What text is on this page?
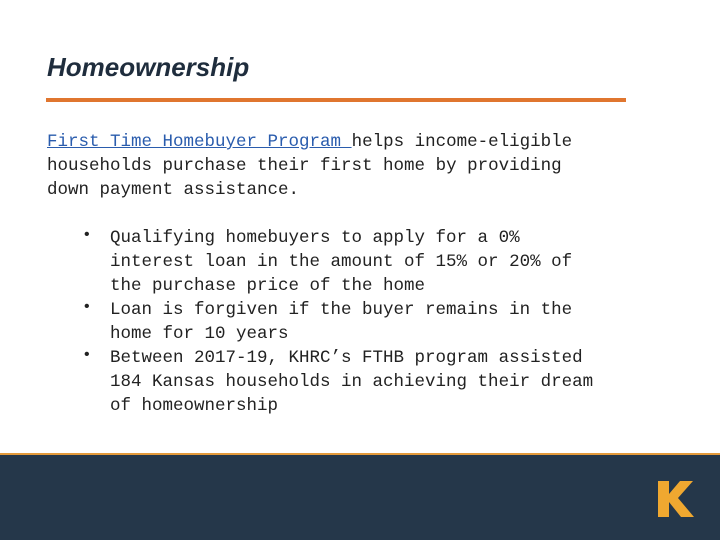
Homeownership

First Time Homebuyer Program helps income-eligible households purchase their first home by providing down payment assistance.

• Qualifying homebuyers to apply for a 0% interest loan in the amount of 15% or 20% of the purchase price of the home
• Loan is forgiven if the buyer remains in the home for 10 years
• Between 2017-19, KHRC’s FTHB program assisted 184 Kansas households in achieving their dream of homeownership
